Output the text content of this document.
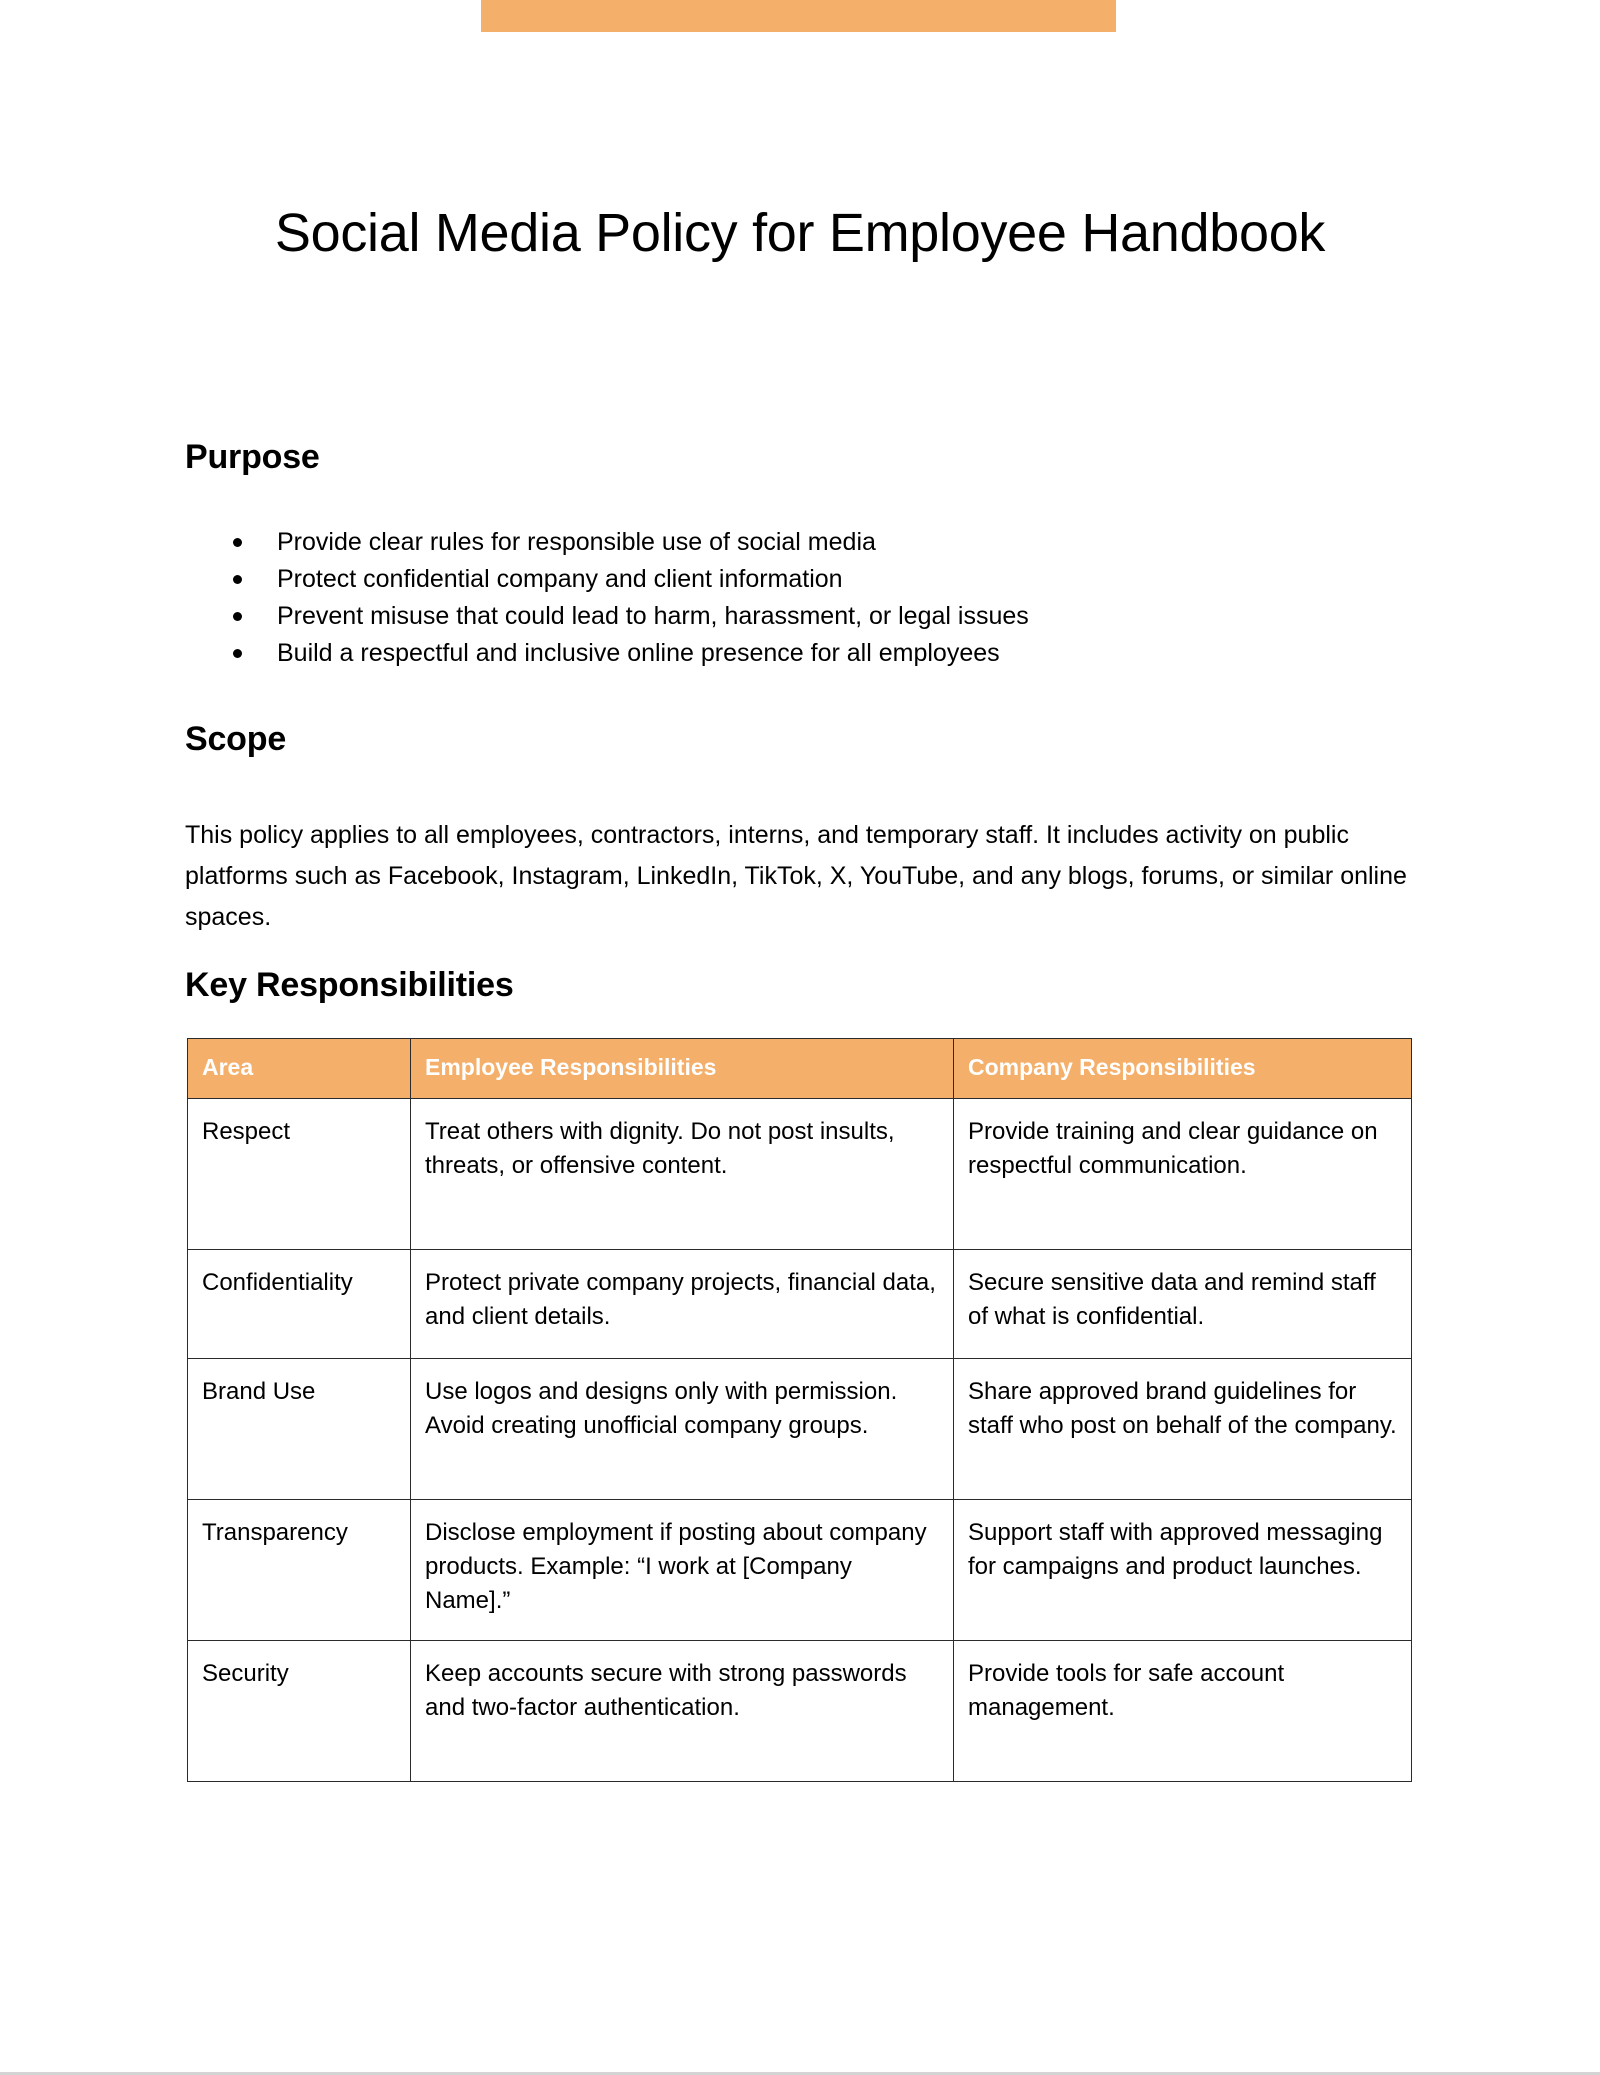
Social Media Policy for Employee Handbook
Purpose
Provide clear rules for responsible use of social media
Protect confidential company and client information
Prevent misuse that could lead to harm, harassment, or legal issues
Build a respectful and inclusive online presence for all employees
Scope

This policy applies to all employees, contractors, interns, and temporary staff. It includes activity on public platforms such as Facebook, Instagram, LinkedIn, TikTok, X, YouTube, and any blogs, forums, or similar online spaces.

Key Responsibilities
Area	Employee Responsibilities	Company Responsibilities
Respect	Treat others with dignity. Do not post insults, threats, or offensive content.	Provide training and clear guidance on respectful communication.
Confidentiality	Protect private company projects, financial data, and client details.	Secure sensitive data and remind staff of what is confidential.
Brand Use	Use logos and designs only with permission. Avoid creating unofficial company groups.	Share approved brand guidelines for staff who post on behalf of the company.
Transparency	Disclose employment if posting about company products. Example: “I work at [Company Name].”	Support staff with approved messaging for campaigns and product launches.
Security	Keep accounts secure with strong passwords and two-factor authentication.	Provide tools for safe account management.
